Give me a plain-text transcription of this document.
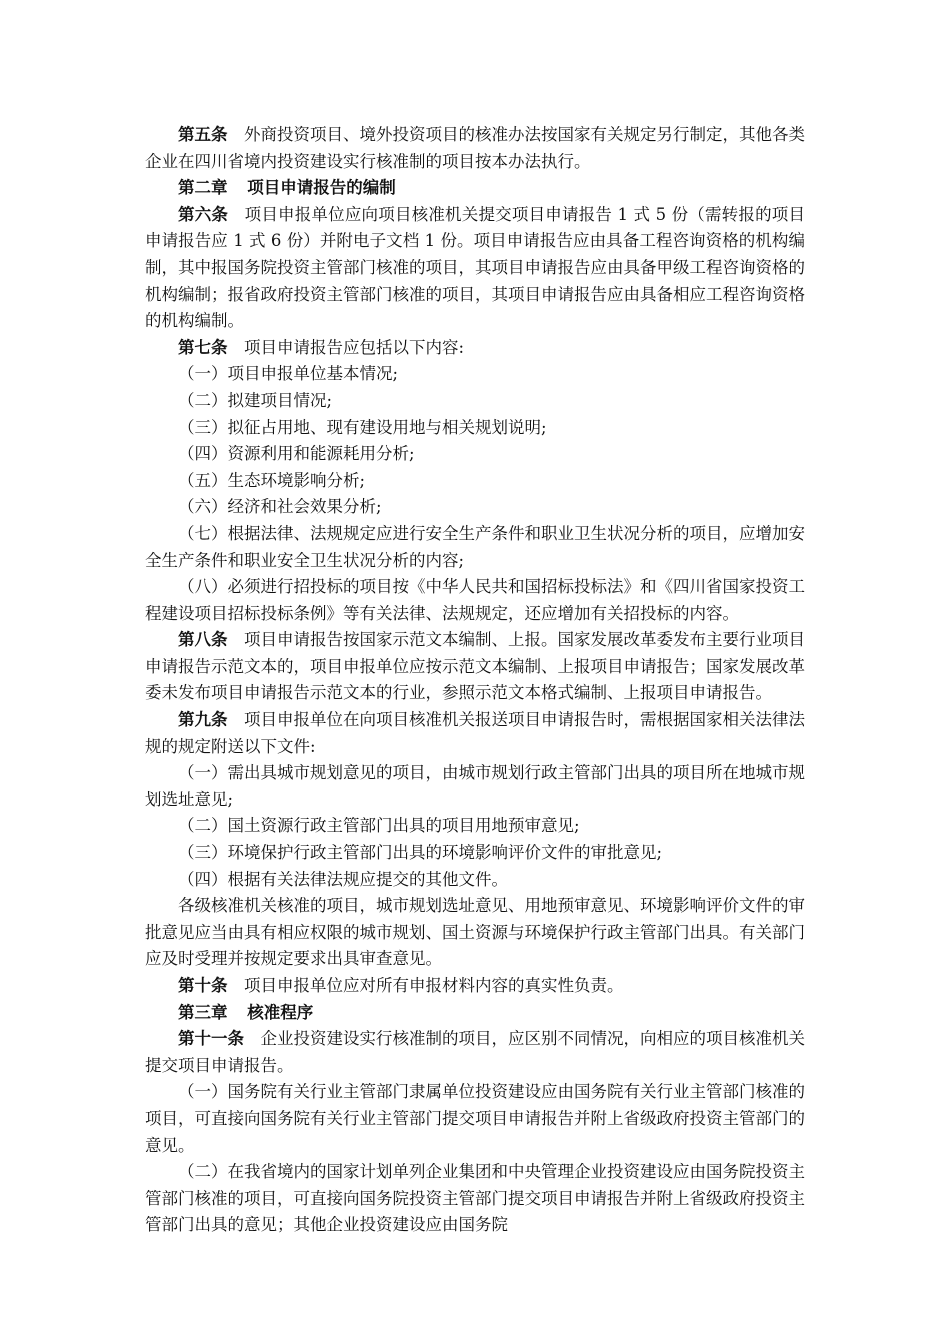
第五条 外商投资项目、境外投资项目的核准办法按国家有关规定另行制定，其他各类企业在四川省境内投资建设实行核准制的项目按本办法执行。

第二章 项目申请报告的编制

第六条 项目申报单位应向项目核准机关提交项目申请报告 1 式 5 份（需转报的项目申请报告应 1 式 6 份）并附电子文档 1 份。项目申请报告应由具备工程咨询资格的机构编制，其中报国务院投资主管部门核准的项目，其项目申请报告应由具备甲级工程咨询资格的机构编制；报省政府投资主管部门核准的项目，其项目申请报告应由具备相应工程咨询资格的机构编制。

第七条 项目申请报告应包括以下内容:

（一）项目申报单位基本情况;

（二）拟建项目情况;

（三）拟征占用地、现有建设用地与相关规划说明;

（四）资源利用和能源耗用分析;

（五）生态环境影响分析;

（六）经济和社会效果分析;

（七）根据法律、法规规定应进行安全生产条件和职业卫生状况分析的项目，应增加安全生产条件和职业安全卫生状况分析的内容;

（八）必须进行招投标的项目按《中华人民共和国招标投标法》和《四川省国家投资工程建设项目招标投标条例》等有关法律、法规规定，还应增加有关招投标的内容。

第八条 项目申请报告按国家示范文本编制、上报。国家发展改革委发布主要行业项目申请报告示范文本的，项目申报单位应按示范文本编制、上报项目申请报告；国家发展改革委未发布项目申请报告示范文本的行业，参照示范文本格式编制、上报项目申请报告。

第九条 项目申报单位在向项目核准机关报送项目申请报告时，需根据国家相关法律法规的规定附送以下文件:

（一）需出具城市规划意见的项目，由城市规划行政主管部门出具的项目所在地城市规划选址意见;

（二）国土资源行政主管部门出具的项目用地预审意见;

（三）环境保护行政主管部门出具的环境影响评价文件的审批意见;

（四）根据有关法律法规应提交的其他文件。

各级核准机关核准的项目，城市规划选址意见、用地预审意见、环境影响评价文件的审批意见应当由具有相应权限的城市规划、国土资源与环境保护行政主管部门出具。有关部门应及时受理并按规定要求出具审查意见。

第十条 项目申报单位应对所有申报材料内容的真实性负责。

第三章 核准程序

第十一条 企业投资建设实行核准制的项目，应区别不同情况，向相应的项目核准机关提交项目申请报告。

（一）国务院有关行业主管部门隶属单位投资建设应由国务院有关行业主管部门核准的项目，可直接向国务院有关行业主管部门提交项目申请报告并附上省级政府投资主管部门的意见。

（二）在我省境内的国家计划单列企业集团和中央管理企业投资建设应由国务院投资主管部门核准的项目，可直接向国务院投资主管部门提交项目申请报告并附上省级政府投资主管部门出具的意见；其他企业投资建设应由国务院
